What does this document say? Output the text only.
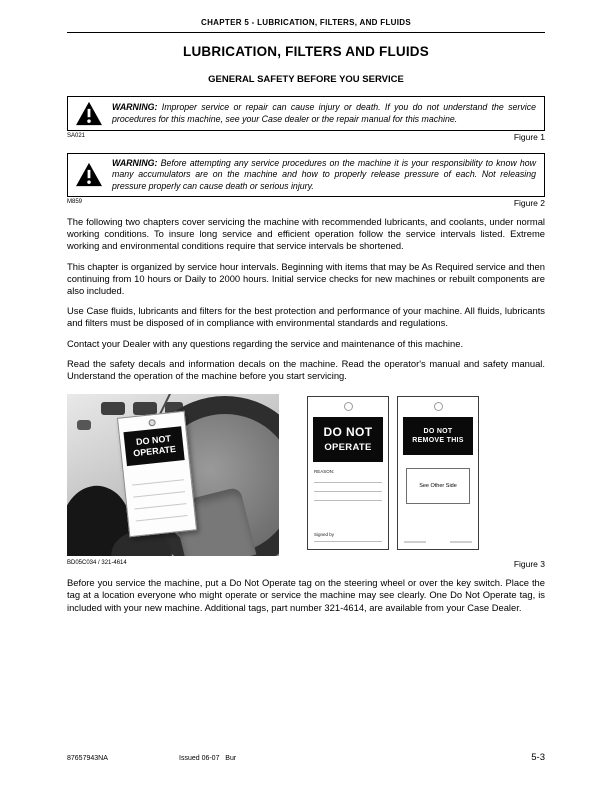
CHAPTER 5 - LUBRICATION, FILTERS, AND FLUIDS
LUBRICATION, FILTERS AND FLUIDS
GENERAL SAFETY BEFORE YOU SERVICE

WARNING: Improper service or repair can cause injury or death. If you do not understand the service procedures for this machine, see your Case dealer or the repair manual for this machine.

SA021	Figure 1

WARNING: Before attempting any service procedures on the machine it is your responsibility to know how many accumulators are on the machine and how to properly release pressure of each. Not releasing pressure properly can cause death or serious injury.

M859	Figure 2

The following two chapters cover servicing the machine with recommended lubricants, and coolants, under normal working conditions. To insure long service and efficient operation follow the service intervals listed. Extreme working and environmental conditions require that service intervals be shortened.

This chapter is organized by service hour intervals. Beginning with items that may be As Required service and then continuing from 10 hours or Daily to 2000 hours. Initial service checks for new machines or rebuilt components are also included.

Use Case fluids, lubricants and filters for the best protection and performance of your machine. All fluids, lubricants and filters must be disposed of in compliance with environmental standards and regulations.

Contact your Dealer with any questions regarding the service and maintenance of this machine.

Read the safety decals and information decals on the machine. Read the operator's manual and safety manual. Understand the operation of the machine before you start servicing.

DO NOT
OPERATE
DO NOT
OPERATE
REASON:
Signed by
DO NOT
REMOVE THIS
See Other Side
BD05C034 / 321-4614	Figure 3

Before you service the machine, put a Do Not Operate tag on the steering wheel or over the key switch. Place the tag at a location everyone who might operate or service the machine may see clearly. One Do Not Operate tag, is included with your new machine. Additional tags, part number 321-4614, are available from your Case Dealer.

87657943NA	Issued 06-07   Bur	5-3
